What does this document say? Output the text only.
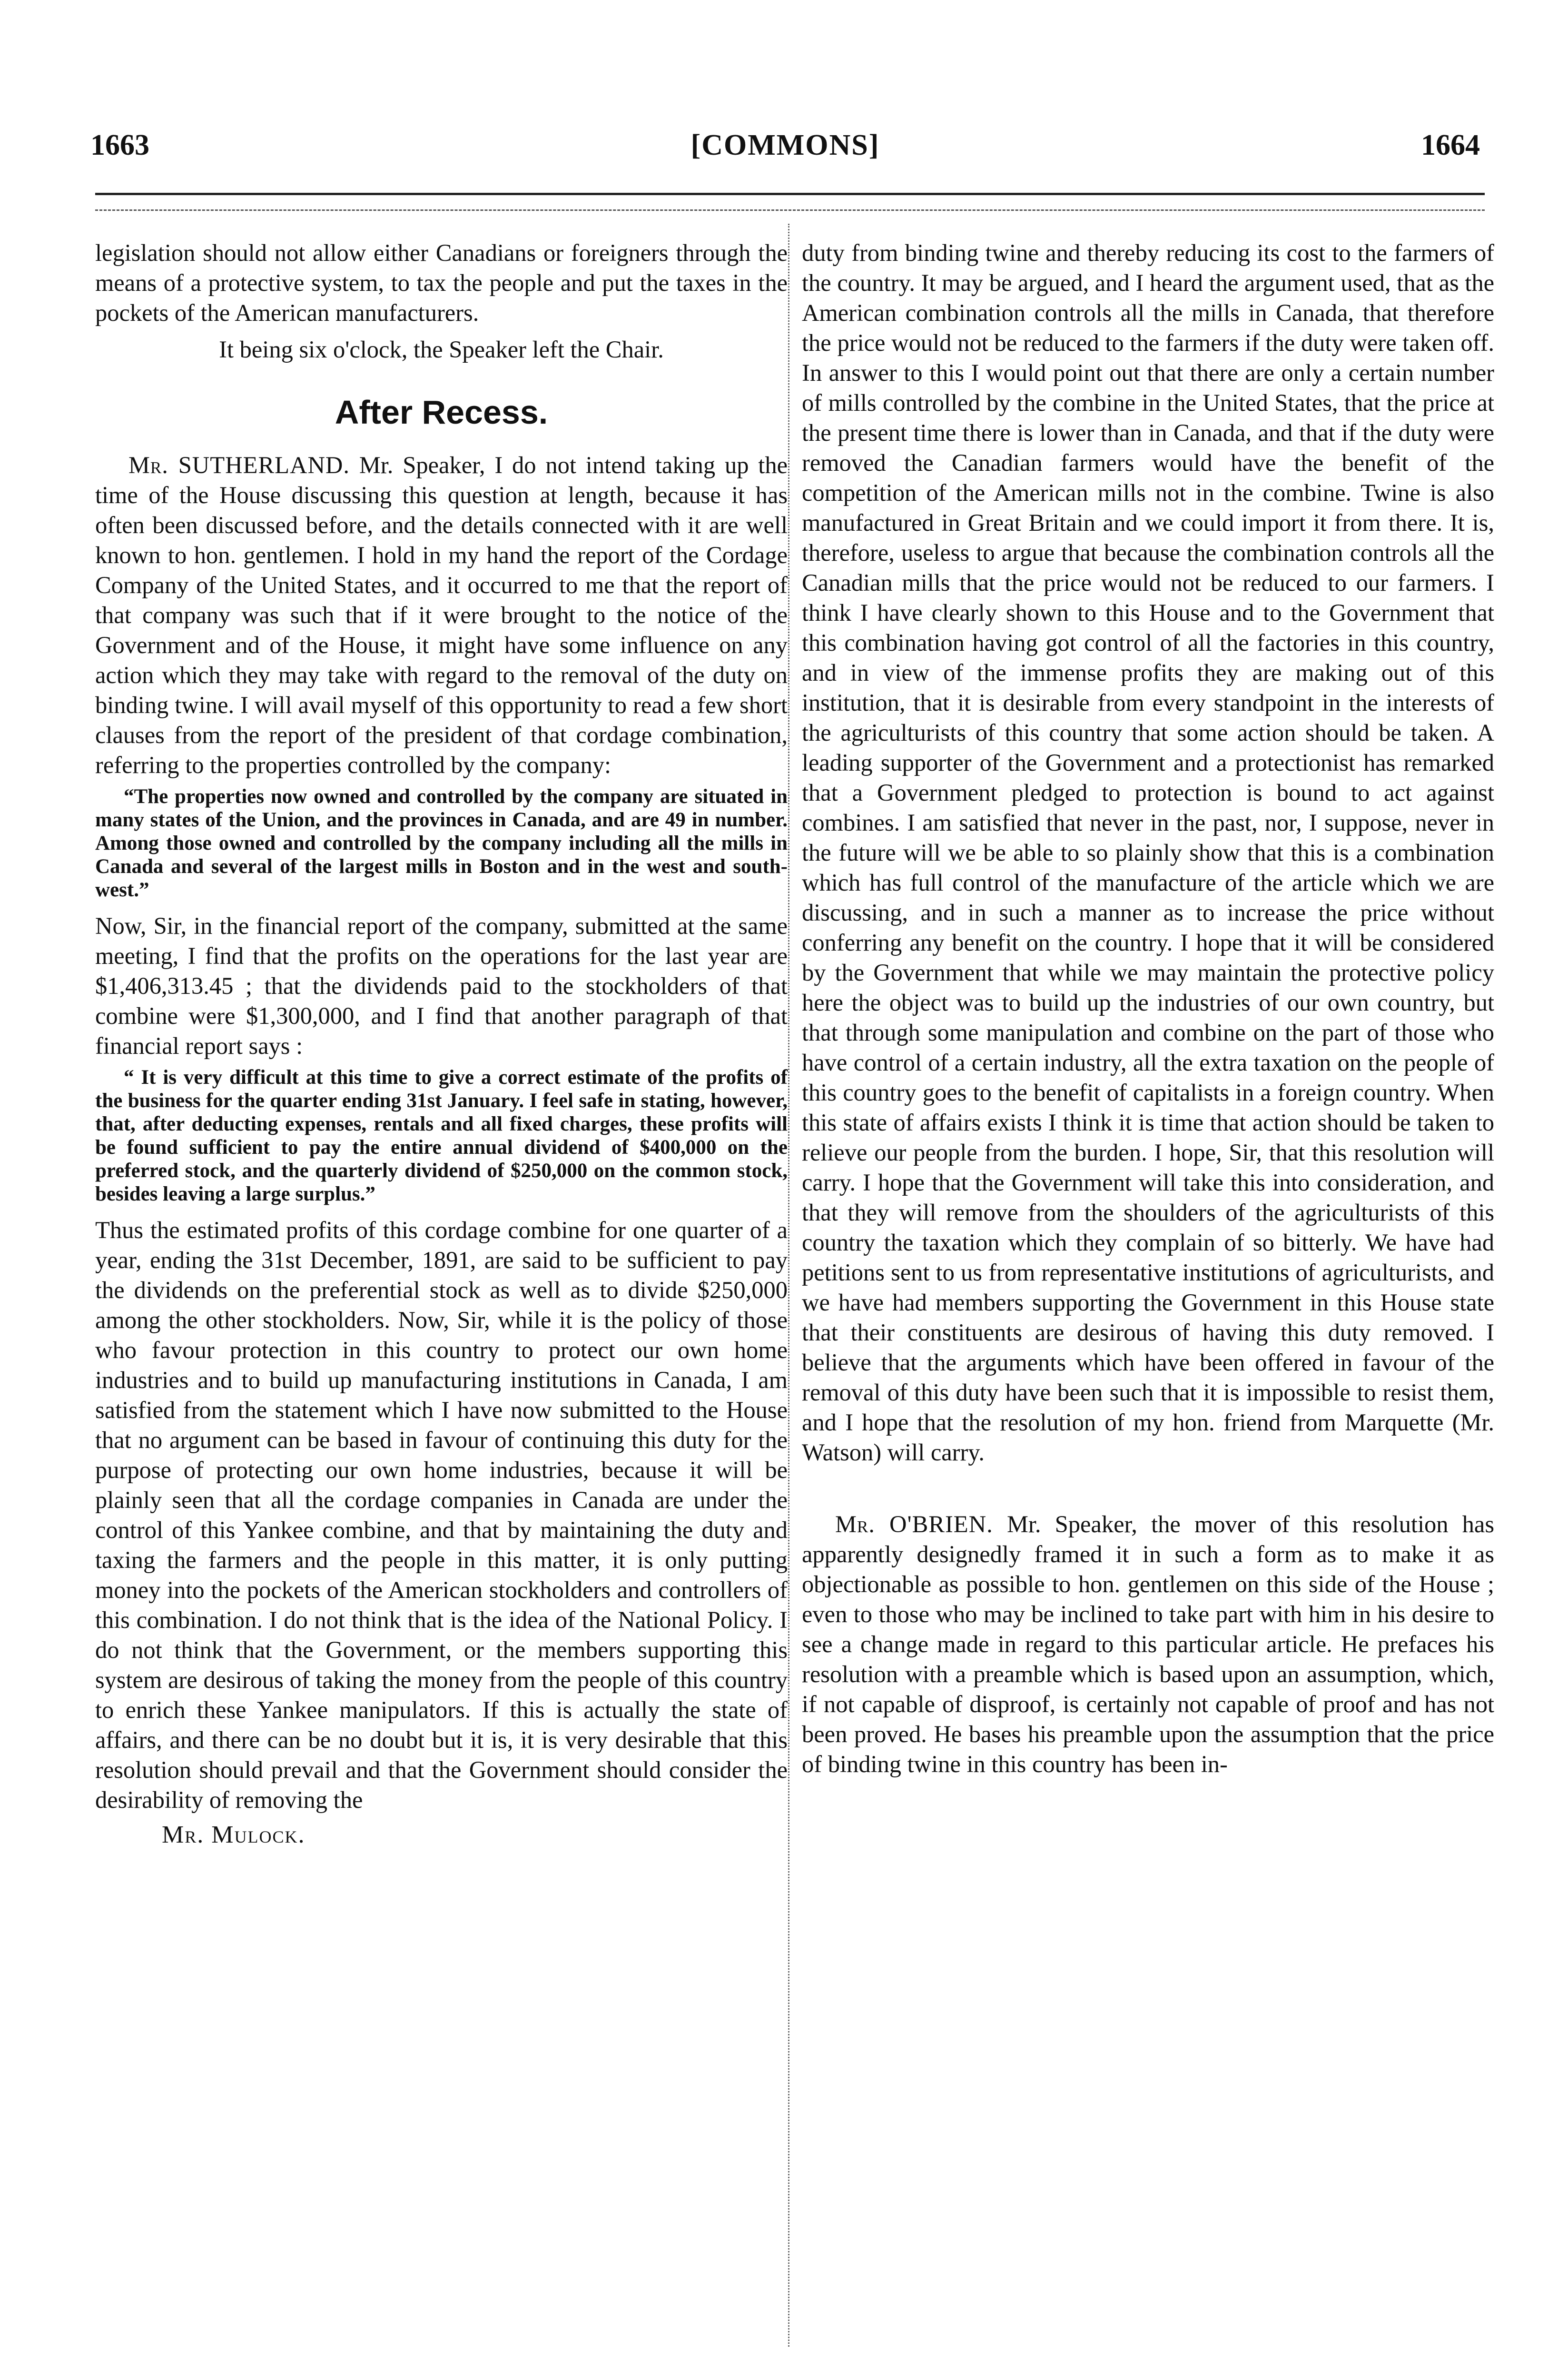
1663	[COMMONS]	1664

legislation should not allow either Canadians or foreigners through the means of a protective system, to tax the people and put the taxes in the pockets of the American manufacturers.

It being six o'clock, the Speaker left the Chair.

After Recess.

Mr. SUTHERLAND. Mr. Speaker, I do not intend taking up the time of the House discussing this question at length, because it has often been discussed before, and the details connected with it are well known to hon. gentlemen. I hold in my hand the report of the Cordage Company of the United States, and it occurred to me that the report of that company was such that if it were brought to the notice of the Government and of the House, it might have some influence on any action which they may take with regard to the removal of the duty on binding twine. I will avail myself of this opportunity to read a few short clauses from the report of the president of that cordage combination, referring to the properties controlled by the company:

“The properties now owned and controlled by the company are situated in many states of the Union, and the provinces in Canada, and are 49 in number. Among those owned and controlled by the company including all the mills in Canada and several of the largest mills in Boston and in the west and south-west.”

Now, Sir, in the financial report of the company, submitted at the same meeting, I find that the profits on the operations for the last year are $1,406,313.45 ; that the dividends paid to the stockholders of that combine were $1,300,000, and I find that another paragraph of that financial report says :

“ It is very difficult at this time to give a correct estimate of the profits of the business for the quarter ending 31st January. I feel safe in stating, however, that, after deducting expenses, rentals and all fixed charges, these profits will be found sufficient to pay the entire annual dividend of $400,000 on the preferred stock, and the quarterly dividend of $250,000 on the common stock, besides leaving a large surplus.”

Thus the estimated profits of this cordage combine for one quarter of a year, ending the 31st December, 1891, are said to be sufficient to pay the dividends on the preferential stock as well as to divide $250,000 among the other stockholders. Now, Sir, while it is the policy of those who favour protection in this country to protect our own home industries and to build up manufacturing institutions in Canada, I am satisfied from the statement which I have now submitted to the House that no argument can be based in favour of continuing this duty for the purpose of protecting our own home industries, because it will be plainly seen that all the cordage companies in Canada are under the control of this Yankee combine, and that by maintaining the duty and taxing the farmers and the people in this matter, it is only putting money into the pockets of the American stockholders and controllers of this combination. I do not think that is the idea of the National Policy. I do not think that the Government, or the members supporting this system are desirous of taking the money from the people of this country to enrich these Yankee manipulators. If this is actually the state of affairs, and there can be no doubt but it is, it is very desirable that this resolution should prevail and that the Government should consider the desirability of removing the

Mr. Mulock.

duty from binding twine and thereby reducing its cost to the farmers of the country. It may be argued, and I heard the argument used, that as the American combination controls all the mills in Canada, that therefore the price would not be reduced to the farmers if the duty were taken off. In answer to this I would point out that there are only a certain number of mills controlled by the combine in the United States, that the price at the present time there is lower than in Canada, and that if the duty were removed the Canadian farmers would have the benefit of the competition of the American mills not in the combine. Twine is also manufactured in Great Britain and we could import it from there. It is, therefore, useless to argue that because the combination controls all the Canadian mills that the price would not be reduced to our farmers. I think I have clearly shown to this House and to the Government that this combination having got control of all the factories in this country, and in view of the immense profits they are making out of this institution, that it is desirable from every standpoint in the interests of the agriculturists of this country that some action should be taken. A leading supporter of the Government and a protectionist has remarked that a Government pledged to protection is bound to act against combines. I am satisfied that never in the past, nor, I suppose, never in the future will we be able to so plainly show that this is a combination which has full control of the manufacture of the article which we are discussing, and in such a manner as to increase the price without conferring any benefit on the country. I hope that it will be considered by the Government that while we may maintain the protective policy here the object was to build up the industries of our own country, but that through some manipulation and combine on the part of those who have control of a certain industry, all the extra taxation on the people of this country goes to the benefit of capitalists in a foreign country. When this state of affairs exists I think it is time that action should be taken to relieve our people from the burden. I hope, Sir, that this resolution will carry. I hope that the Government will take this into consideration, and that they will remove from the shoulders of the agriculturists of this country the taxation which they complain of so bitterly. We have had petitions sent to us from representative institutions of agriculturists, and we have had members supporting the Government in this House state that their constituents are desirous of having this duty removed. I believe that the arguments which have been offered in favour of the removal of this duty have been such that it is impossible to resist them, and I hope that the resolution of my hon. friend from Marquette (Mr. Watson) will carry.

Mr. O'BRIEN. Mr. Speaker, the mover of this resolution has apparently designedly framed it in such a form as to make it as objectionable as possible to hon. gentlemen on this side of the House ; even to those who may be inclined to take part with him in his desire to see a change made in regard to this particular article. He prefaces his resolution with a preamble which is based upon an assumption, which, if not capable of disproof, is certainly not capable of proof and has not been proved. He bases his preamble upon the assumption that the price of binding twine in this country has been in-
